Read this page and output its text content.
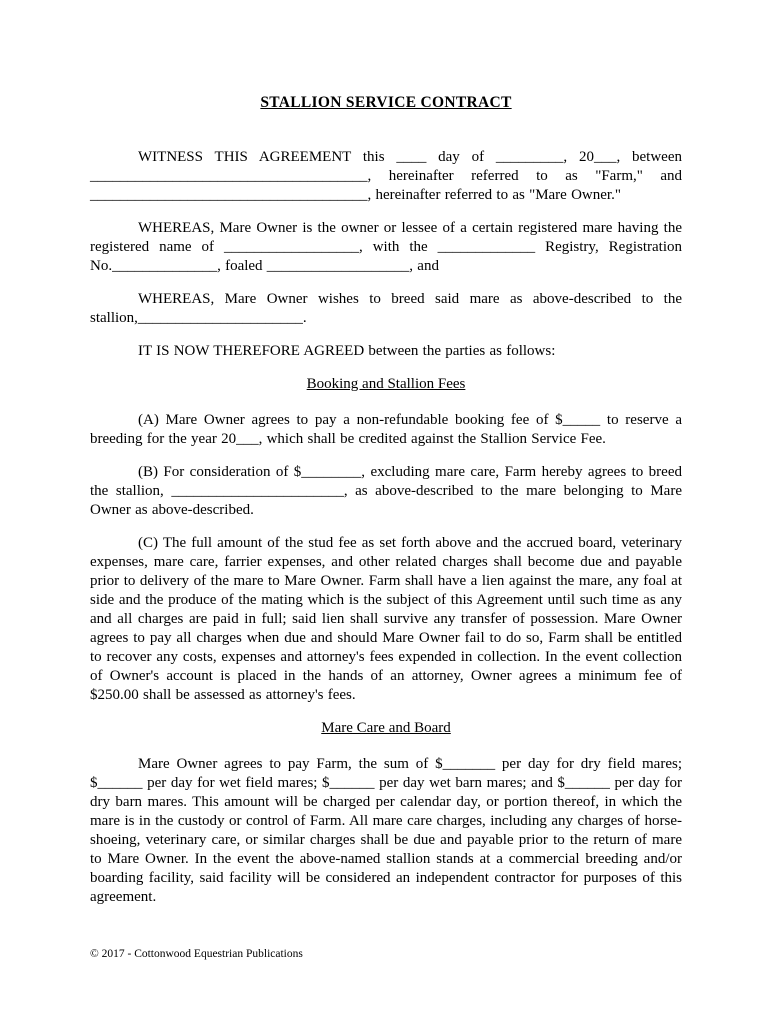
STALLION SERVICE CONTRACT

WITNESS THIS AGREEMENT this ____ day of _________, 20___, between _____________________________________, hereinafter referred to as "Farm," and _____________________________________, hereinafter referred to as "Mare Owner."

WHEREAS, Mare Owner is the owner or lessee of a certain registered mare having the registered name of __________________, with the _____________ Registry, Registration No.______________, foaled ___________________, and

WHEREAS, Mare Owner wishes to breed said mare as above-described to the stallion,______________________.

IT IS NOW THEREFORE AGREED between the parties as follows:

Booking and Stallion Fees

(A) Mare Owner agrees to pay a non-refundable booking fee of $_____ to reserve a breeding for the year 20___, which shall be credited against the Stallion Service Fee.

(B) For consideration of $________, excluding mare care, Farm hereby agrees to breed the stallion, _______________________, as above-described to the mare belonging to Mare Owner as above-described.

(C) The full amount of the stud fee as set forth above and the accrued board, veterinary expenses, mare care, farrier expenses, and other related charges shall become due and payable prior to delivery of the mare to Mare Owner. Farm shall have a lien against the mare, any foal at side and the produce of the mating which is the subject of this Agreement until such time as any and all charges are paid in full; said lien shall survive any transfer of possession. Mare Owner agrees to pay all charges when due and should Mare Owner fail to do so, Farm shall be entitled to recover any costs, expenses and attorney's fees expended in collection. In the event collection of Owner's account is placed in the hands of an attorney, Owner agrees a minimum fee of $250.00 shall be assessed as attorney's fees.

Mare Care and Board

Mare Owner agrees to pay Farm, the sum of $_______ per day for dry field mares; $______ per day for wet field mares; $______ per day wet barn mares; and $______ per day for dry barn mares. This amount will be charged per calendar day, or portion thereof, in which the mare is in the custody or control of Farm. All mare care charges, including any charges of horse-shoeing, veterinary care, or similar charges shall be due and payable prior to the return of mare to Mare Owner. In the event the above-named stallion stands at a commercial breeding and/or boarding facility, said facility will be considered an independent contractor for purposes of this agreement.

© 2017 - Cottonwood Equestrian Publications
